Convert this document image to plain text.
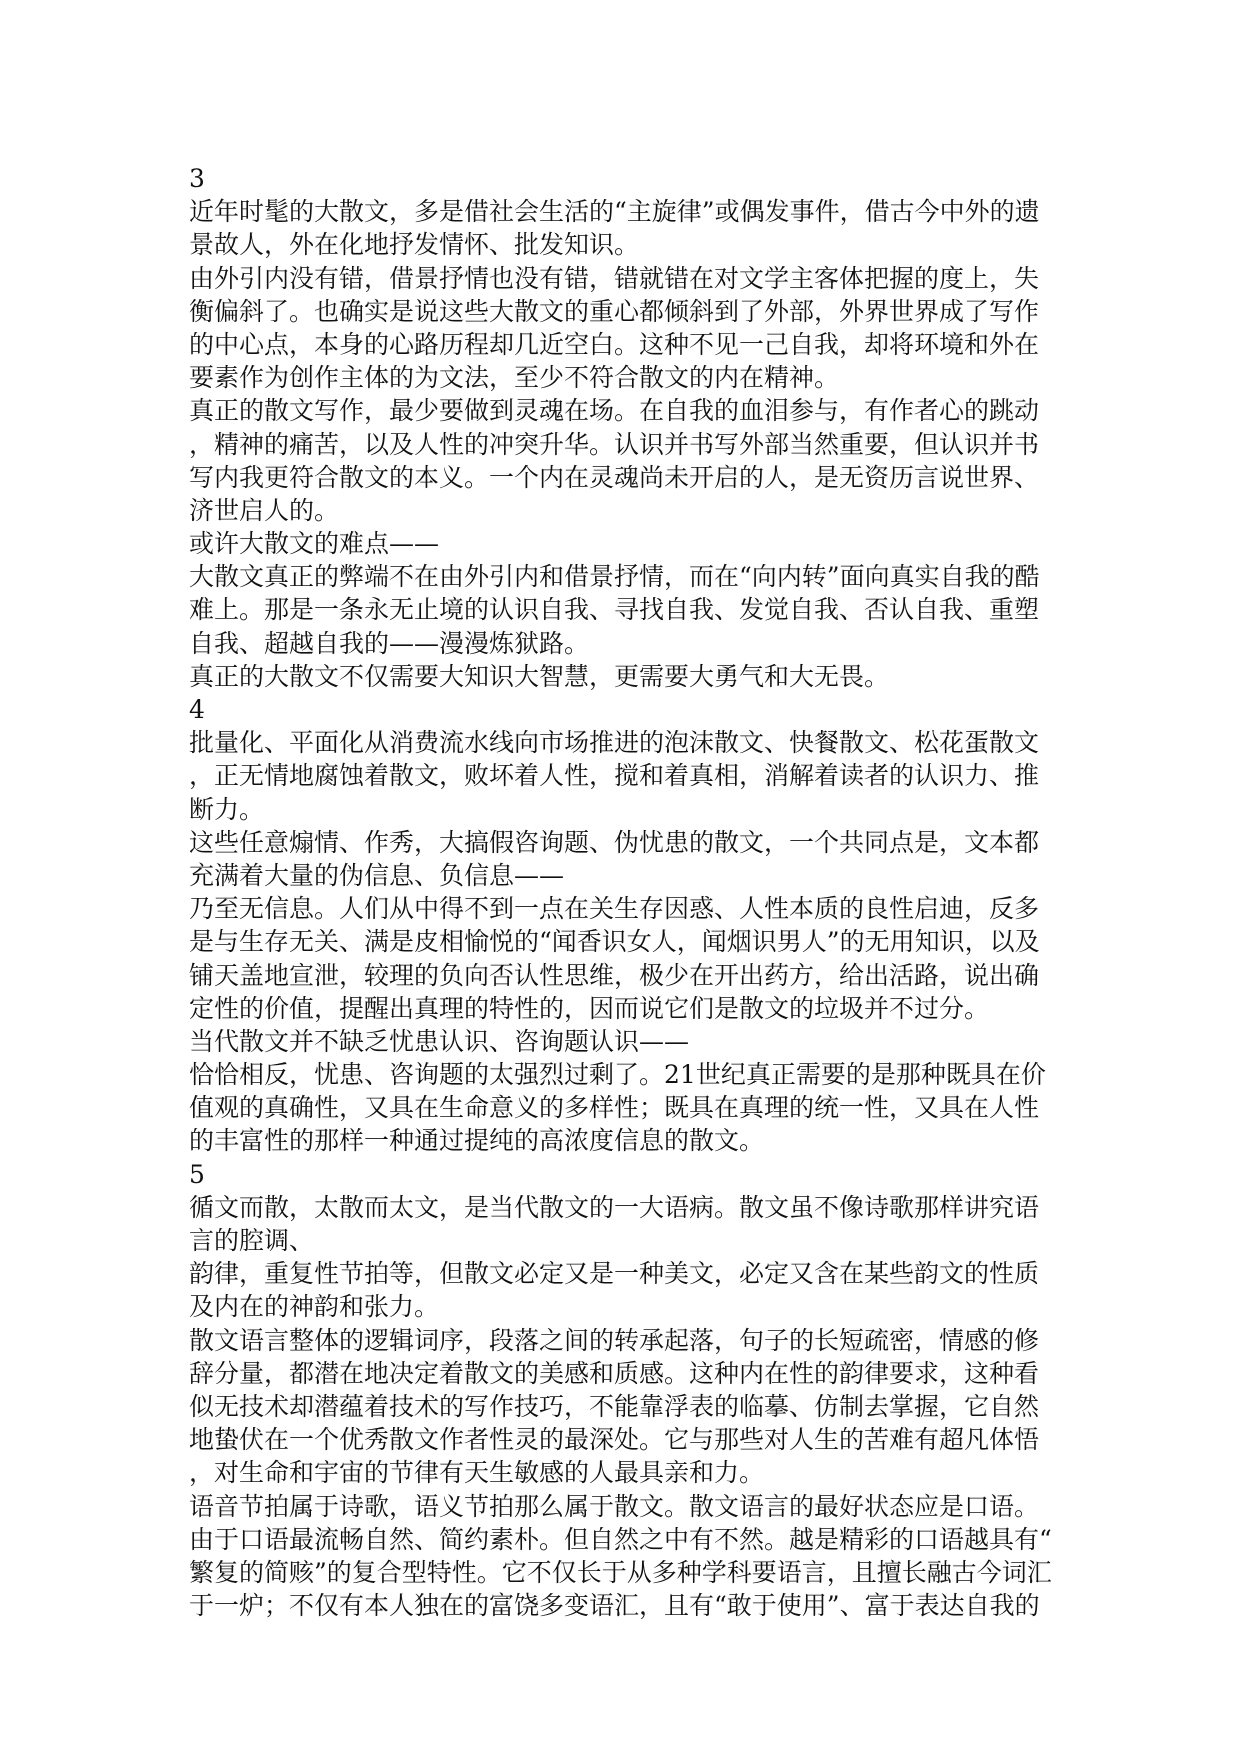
3
近年时髦的大散文，多是借社会生活的“主旋律”或偶发事件，借古今中外的遗
景故人，外在化地抒发情怀、批发知识。
由外引内没有错，借景抒情也没有错，错就错在对文学主客体把握的度上，失
衡偏斜了。也确实是说这些大散文的重心都倾斜到了外部，外界世界成了写作
的中心点，本身的心路历程却几近空白。这种不见一己自我，却将环境和外在
要素作为创作主体的为文法，至少不符合散文的内在精神。
真正的散文写作，最少要做到灵魂在场。在自我的血泪参与，有作者心的跳动
，精神的痛苦，以及人性的冲突升华。认识并书写外部当然重要，但认识并书
写内我更符合散文的本义。一个内在灵魂尚未开启的人，是无资历言说世界、
济世启人的。
或许大散文的难点——
大散文真正的弊端不在由外引内和借景抒情，而在“向内转”面向真实自我的酷
难上。那是一条永无止境的认识自我、寻找自我、发觉自我、否认自我、重塑
自我、超越自我的——漫漫炼狱路。
真正的大散文不仅需要大知识大智慧，更需要大勇气和大无畏。
4
批量化、平面化从消费流水线向市场推进的泡沫散文、快餐散文、松花蛋散文
，正无情地腐蚀着散文，败坏着人性，搅和着真相，消解着读者的认识力、推
断力。
这些任意煽情、作秀，大搞假咨询题、伪忧患的散文，一个共同点是，文本都
充满着大量的伪信息、负信息——
乃至无信息。人们从中得不到一点在关生存因惑、人性本质的良性启迪，反多
是与生存无关、满是皮相愉悦的“闻香识女人，闻烟识男人”的无用知识，以及
铺天盖地宣泄，较理的负向否认性思维，极少在开出药方，给出活路，说出确
定性的价值，提醒出真理的特性的，因而说它们是散文的垃圾并不过分。
当代散文并不缺乏忧患认识、咨询题认识——
恰恰相反，忧患、咨询题的太强烈过剩了。21世纪真正需要的是那种既具在价
值观的真确性，又具在生命意义的多样性；既具在真理的统一性，又具在人性
的丰富性的那样一种通过提纯的高浓度信息的散文。
5
循文而散，太散而太文，是当代散文的一大语病。散文虽不像诗歌那样讲究语
言的腔调、
韵律，重复性节拍等，但散文必定又是一种美文，必定又含在某些韵文的性质
及内在的神韵和张力。
散文语言整体的逻辑词序，段落之间的转承起落，句子的长短疏密，情感的修
辞分量，都潜在地决定着散文的美感和质感。这种内在性的韵律要求，这种看
似无技术却潜蕴着技术的写作技巧，不能靠浮表的临摹、仿制去掌握，它自然
地蛰伏在一个优秀散文作者性灵的最深处。它与那些对人生的苦难有超凡体悟
，对生命和宇宙的节律有天生敏感的人最具亲和力。
语音节拍属于诗歌，语义节拍那么属于散文。散文语言的最好状态应是口语。
由于口语最流畅自然、简约素朴。但自然之中有不然。越是精彩的口语越具有“
繁复的简赅”的复合型特性。它不仅长于从多种学科要语言，且擅长融古今词汇
于一炉；不仅有本人独在的富饶多变语汇，且有“敢于使用”、富于表达自我的
